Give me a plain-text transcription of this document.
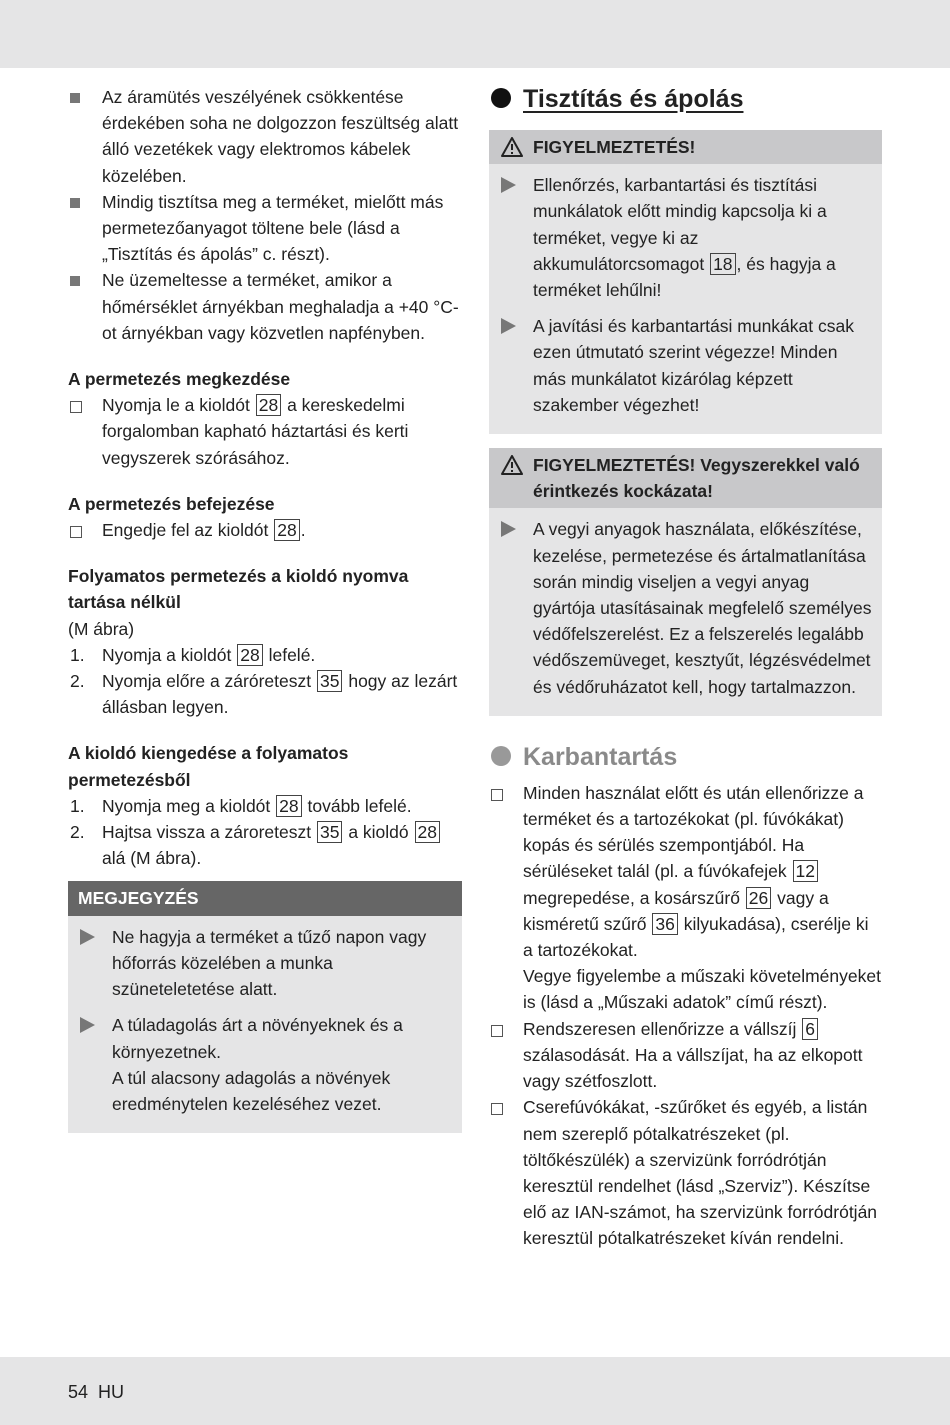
Az áramütés veszélyének csökkentése érdekében soha ne dolgozzon feszültség alatt álló vezetékek vagy elektromos kábelek közelében.
Mindig tisztítsa meg a terméket, mielőtt más permetezőanyagot töltene bele (lásd a „Tisztítás és ápolás” c. részt).
Ne üzemeltesse a terméket, amikor a hőmérséklet árnyékban meghaladja a +40 °C-ot árnyékban vagy közvetlen napfényben.
A permetezés megkezdése
Nyomja le a kioldót 28 a kereskedelmi forgalomban kapható háztartási és kerti vegyszerek szórásához.
A permetezés befejezése
Engedje fel az kioldót 28 .
Folyamatos permetezés a kioldó nyomva tartása nélkül
(M ábra)
1. Nyomja a kioldót 28 lefelé.
2. Nyomja előre a záróreteszt 35 hogy az lezárt állásban legyen.
A kioldó kiengedése a folyamatos permetezésből
1. Nyomja meg a kioldót 28 tovább lefelé.
2. Hajtsa vissza a zároreteszt 35 a kioldó 28 alá (M ábra).
MEGJEGYZÉS
Ne hagyja a terméket a tűző napon vagy hőforrás közelében a munka szüneteletetése alatt.
A túladagolás árt a növényeknek és a környezetnek.
A túl alacsony adagolás a növények eredménytelen kezeléséhez vezet.
Tisztítás és ápolás
FIGYELMEZTETÉS!
Ellenőrzés, karbantartási és tisztítási munkálatok előtt mindig kapcsolja ki a terméket, vegye ki az akkumulátorcsomagot 18 , és hagyja a terméket lehűlni!
A javítási és karbantartási munkákat csak ezen útmutató szerint végezze! Minden más munkálatot kizárólag képzett szakember végezhet!
FIGYELMEZTETÉS! Vegyszerekkel való érintkezés kockázata!
A vegyi anyagok használata, előkészítése, kezelése, permetezése és ártalmatlanítása során mindig viseljen a vegyi anyag gyártója utasításainak megfelelő személyes védőfelszerelést. Ez a felszerelés legalább védőszemüveget, kesztyűt, légzésvédelmet és védőruházatot kell, hogy tartalmazzon.
Karbantartás
Minden használat előtt és után ellenőrizze a terméket és a tartozékokat (pl. fúvókákat) kopás és sérülés szempontjából. Ha sérüléseket talál (pl. a fúvókafejek 12 megrepedése, a kosárszűrő 26 vagy a kisméretű szűrő 36 kilyukadása), cserélje ki a tartozékokat.
Vegye figyelembe a műszaki követelményeket is (lásd a „Műszaki adatok” című részt).
Rendszeresen ellenőrizze a vállszíj 6 szálasodását. Ha a vállszíjat, ha az elkopott vagy szétfoszlott.
Cserefúvókákat, -szűrőket és egyéb, a listán nem szereplő pótalkatrészeket (pl. töltőkészülék) a szervizünk forródrótján keresztül rendelhet (lásd „Szerviz”). Készítse elő az IAN-számot, ha szervizünk forródrótján keresztül pótalkatrészeket kíván rendelni.
54 HU
